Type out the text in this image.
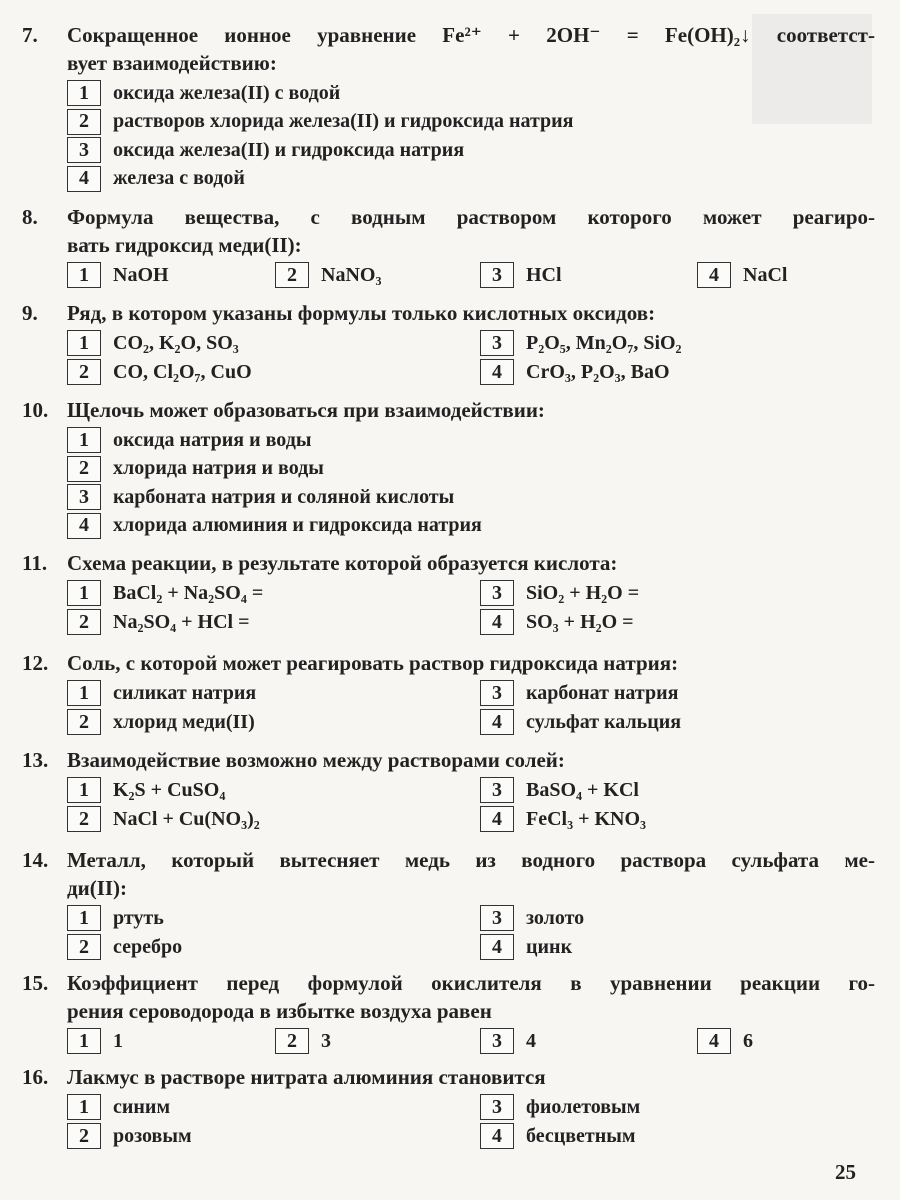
7. Сокращенное ионное уравнение Fe²⁺ + 2OH⁻ = Fe(OH)₂↓ соответст-
вует взаимодействию:
1	оксида железа(II) с водой
2	растворов хлорида железа(II) и гидроксида натрия
3	оксида железа(II) и гидроксида натрия
4	железа с водой
8. Формула вещества, с водным раствором которого может реагиро-
вать гидроксид меди(II):
1	NaOH	2	NaNO₃	3	HCl	4	NaCl
9. Ряд, в котором указаны формулы только кислотных оксидов:
1	CO₂, K₂O, SO₃
2	CO, Cl₂O₇, CuO
3	P₂O₅, Mn₂O₇, SiO₂
4	CrO₃, P₂O₃, BaO
10. Щелочь может образоваться при взаимодействии:
1	оксида натрия и воды
2	хлорида натрия и воды
3	карбоната натрия и соляной кислоты
4	хлорида алюминия и гидроксида натрия
11. Схема реакции, в результате которой образуется кислота:
1	BaCl₂ + Na₂SO₄ =
2	Na₂SO₄ + HCl =
3	SiO₂ + H₂O =
4	SO₃ + H₂O =
12. Соль, с которой может реагировать раствор гидроксида натрия:
1	силикат натрия
2	хлорид меди(II)
3	карбонат натрия
4	сульфат кальция
13. Взаимодействие возможно между растворами солей:
1	K₂S + CuSO₄
2	NaCl + Cu(NO₃)₂
3	BaSO₄ + KCl
4	FeCl₃ + KNO₃
14. Металл, который вытесняет медь из водного раствора сульфата ме-
ди(II):
1	ртуть
2	серебро
3	золото
4	цинк
15. Коэффициент перед формулой окислителя в уравнении реакции го-
рения сероводорода в избытке воздуха равен
1	1	2	3	3	4	4	6
16. Лакмус в растворе нитрата алюминия становится
1	синим
2	розовым
3	фиолетовым
4	бесцветным
25
